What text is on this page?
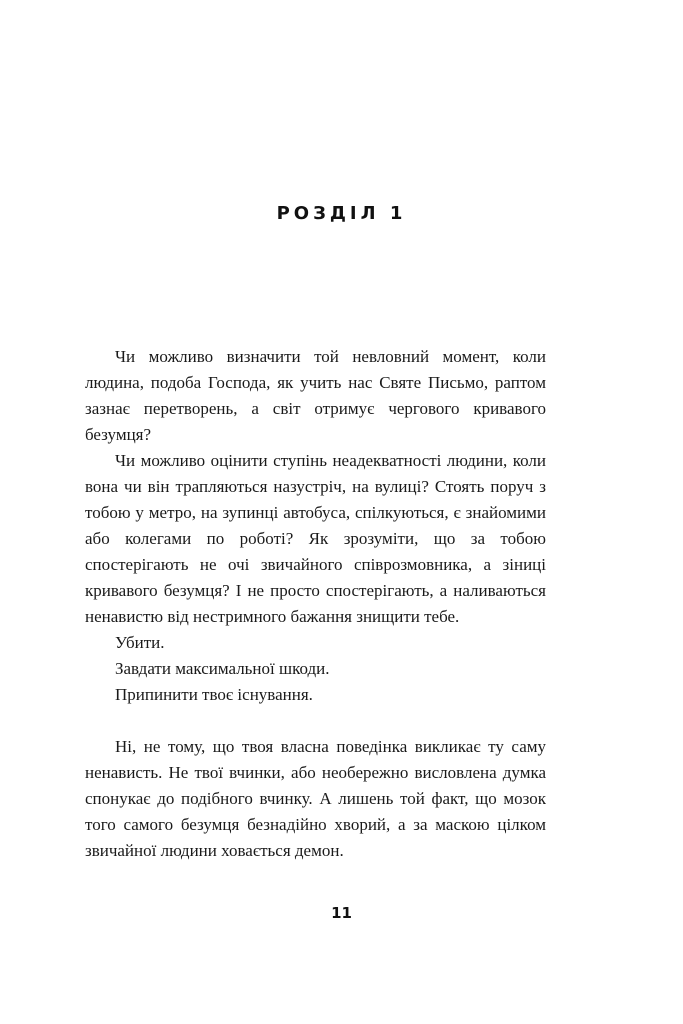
РОЗДІЛ 1

Чи можливо визначити той невловний момент, коли людина, подоба Господа, як учить нас Святе Письмо, раптом зазнає перетворень, а світ отримує чергового кривавого безумця?

Чи можливо оцінити ступінь неадекватності людини, коли вона чи він трапляються назустріч, на вулиці? Стоять поруч з тобою у метро, на зупинці автобуса, спілкуються, є знайомими або колегами по роботі? Як зрозуміти, що за тобою спостерігають не очі звичайного співрозмовника, а зіниці кривавого безумця? І не просто спостерігають, а наливаються ненавистю від нестримного бажання знищити тебе.

Убити.

Завдати максимальної шкоди.

Припинити твоє існування.

Ні, не тому, що твоя власна поведінка викликає ту саму ненависть. Не твої вчинки, або необережно висловлена думка спонукає до подібного вчинку. А лишень той факт, що мозок того самого безумця безнадійно хворий, а за маскою цілком звичайної людини ховається демон.

11
